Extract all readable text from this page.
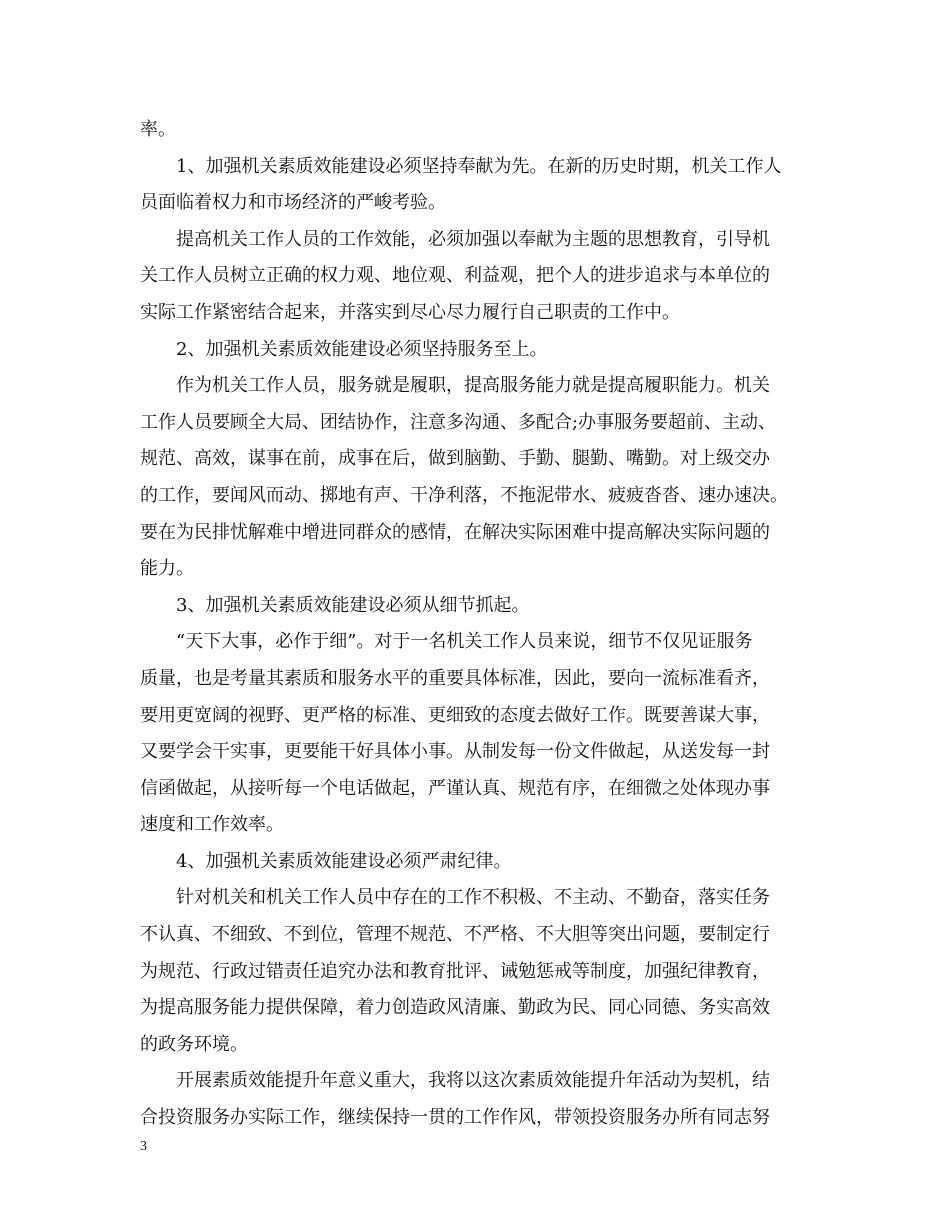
率。
1、加强机关素质效能建设必须坚持奉献为先。在新的历史时期，机关工作人
员面临着权力和市场经济的严峻考验。
提高机关工作人员的工作效能，必须加强以奉献为主题的思想教育，引导机
关工作人员树立正确的权力观、地位观、利益观，把个人的进步追求与本单位的
实际工作紧密结合起来，并落实到尽心尽力履行自己职责的工作中。
2、加强机关素质效能建设必须坚持服务至上。
作为机关工作人员，服务就是履职，提高服务能力就是提高履职能力。机关
工作人员要顾全大局、团结协作，注意多沟通、多配合;办事服务要超前、主动、
规范、高效，谋事在前，成事在后，做到脑勤、手勤、腿勤、嘴勤。对上级交办
的工作，要闻风而动、掷地有声、干净利落，不拖泥带水、疲疲沓沓、速办速决。
要在为民排忧解难中增进同群众的感情，在解决实际困难中提高解决实际问题的
能力。
3、加强机关素质效能建设必须从细节抓起。
“天下大事，必作于细”。对于一名机关工作人员来说，细节不仅见证服务
质量，也是考量其素质和服务水平的重要具体标准，因此，要向一流标准看齐，
要用更宽阔的视野、更严格的标准、更细致的态度去做好工作。既要善谋大事，
又要学会干实事，更要能干好具体小事。从制发每一份文件做起，从送发每一封
信函做起，从接听每一个电话做起，严谨认真、规范有序，在细微之处体现办事
速度和工作效率。
4、加强机关素质效能建设必须严肃纪律。
针对机关和机关工作人员中存在的工作不积极、不主动、不勤奋，落实任务
不认真、不细致、不到位，管理不规范、不严格、不大胆等突出问题，要制定行
为规范、行政过错责任追究办法和教育批评、诫勉惩戒等制度，加强纪律教育，
为提高服务能力提供保障，着力创造政风清廉、勤政为民、同心同德、务实高效
的政务环境。
开展素质效能提升年意义重大，我将以这次素质效能提升年活动为契机，结
合投资服务办实际工作，继续保持一贯的工作作风，带领投资服务办所有同志努
3
